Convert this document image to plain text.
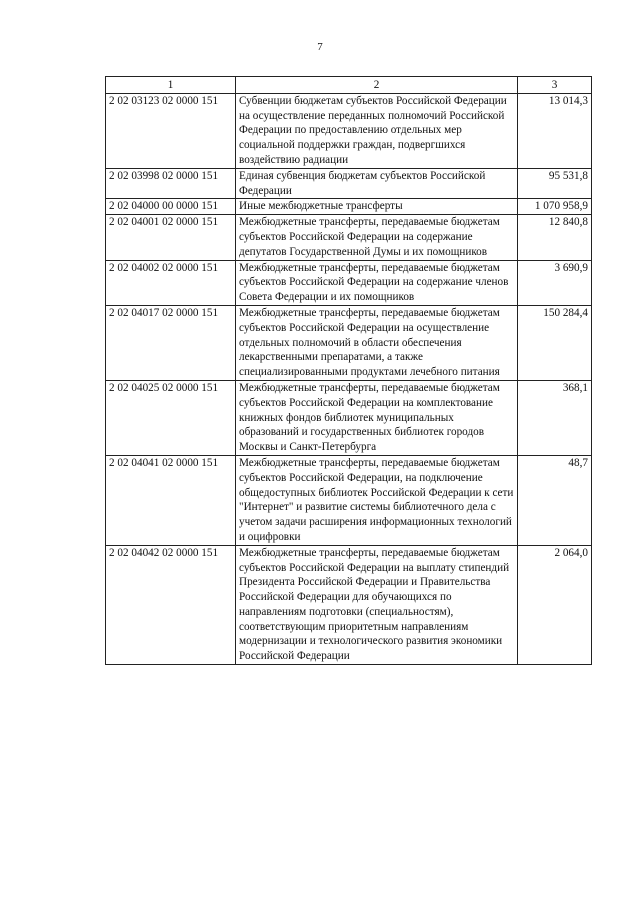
7
1	2	3
2 02 03123 02 0000 151	Субвенции бюджетам субъектов Российской Федерации на осуществление переданных полномочий Российской Федерации по предоставлению отдельных мер социальной поддержки граждан, подвергшихся воздействию радиации	13 014,3
2 02 03998 02 0000 151	Единая субвенция бюджетам субъектов Российской Федерации	95 531,8
2 02 04000 00 0000 151	Иные межбюджетные трансферты	1 070 958,9
2 02 04001 02 0000 151	Межбюджетные трансферты, передаваемые бюджетам субъектов Российской Федерации на содержание депутатов Государственной Думы и их помощников	12 840,8
2 02 04002 02 0000 151	Межбюджетные трансферты, передаваемые бюджетам субъектов Российской Федерации на содержание членов Совета Федерации и их помощников	3 690,9
2 02 04017 02 0000 151	Межбюджетные трансферты, передаваемые бюджетам субъектов Российской Федерации на осуществление отдельных полномочий в области обеспечения лекарственными препаратами, а также специализированными продуктами лечебного питания	150 284,4
2 02 04025 02 0000 151	Межбюджетные трансферты, передаваемые бюджетам субъектов Российской Федерации на комплектование книжных фондов библиотек муниципальных образований и государственных библиотек городов Москвы и Санкт-Петербурга	368,1
2 02 04041 02 0000 151	Межбюджетные трансферты, передаваемые бюджетам субъектов Российской Федерации, на подключение общедоступных библиотек Российской Федерации к сети "Интернет" и развитие системы библиотечного дела с учетом задачи расширения информационных технологий и оцифровки	48,7
2 02 04042 02 0000 151	Межбюджетные трансферты, передаваемые бюджетам субъектов Российской Федерации на выплату стипендий Президента Российской Федерации и Правительства Российской Федерации для обучающихся по направлениям подготовки (специальностям), соответствующим приоритетным направлениям модернизации и технологического развития экономики Российской Федерации	2 064,0
